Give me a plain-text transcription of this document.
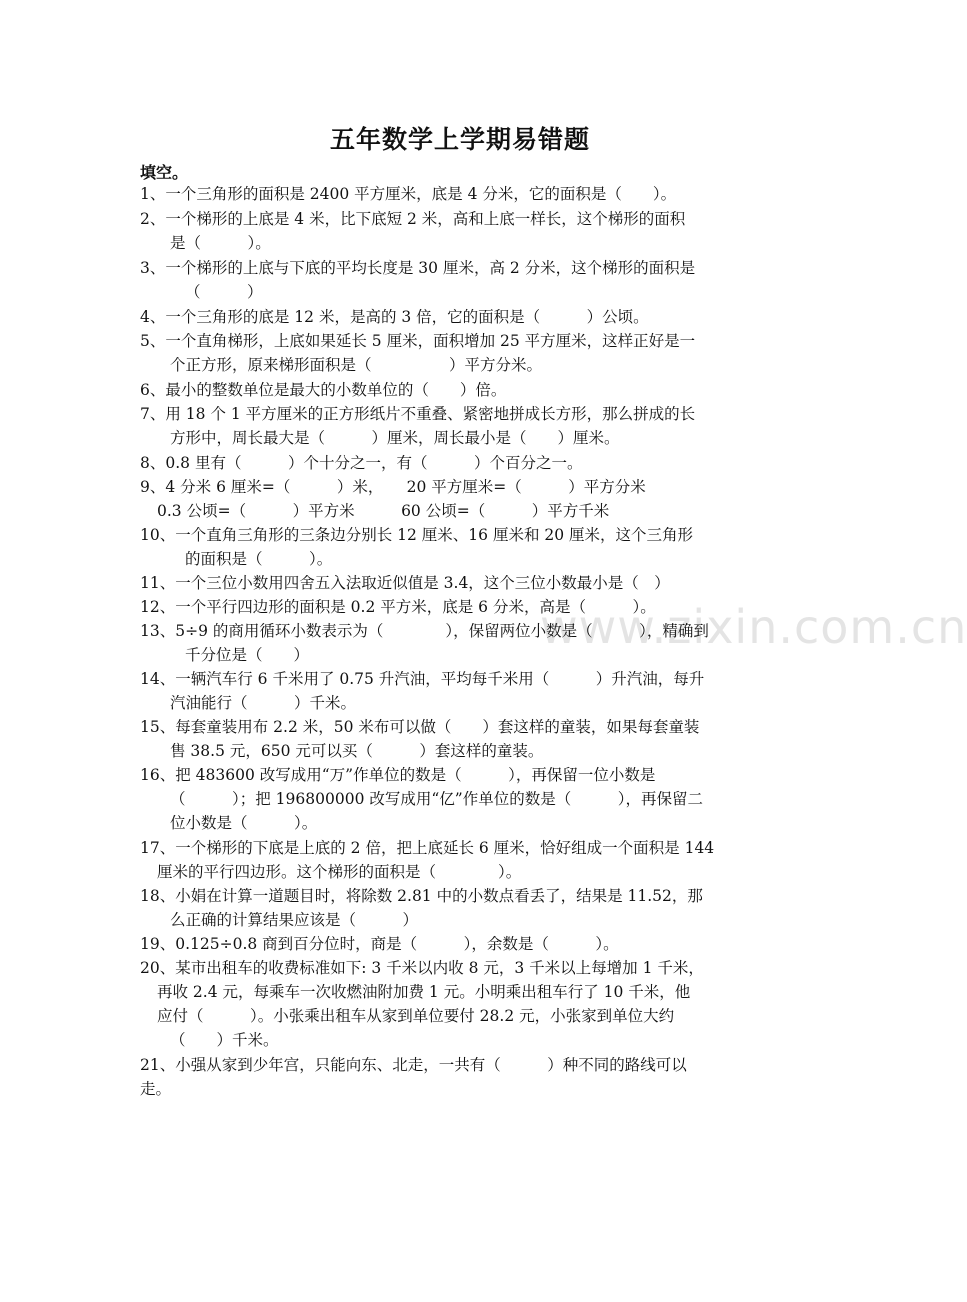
www.zixin.com.cn
五年数学上学期易错题
填空。
1、一个三角形的面积是 2400 平方厘米，底是 4 分米，它的面积是（　　）。
2、一个梯形的上底是 4 米，比下底短 2 米，高和上底一样长，这个梯形的面积
是（　　　）。
3、一个梯形的上底与下底的平均长度是 30 厘米，高 2 分米，这个梯形的面积是
（　　　）
4、一个三角形的底是 12 米，是高的 3 倍，它的面积是（　　　）公顷。
5、一个直角梯形，上底如果延长 5 厘米，面积增加 25 平方厘米，这样正好是一
个正方形，原来梯形面积是（　　　　　）平方分米。
6、最小的整数单位是最大的小数单位的（　　）倍。
7、用 18 个 1 平方厘米的正方形纸片不重叠、紧密地拼成长方形，那么拼成的长
方形中，周长最大是（　　　）厘米，周长最小是（　　）厘米。
8、0.8 里有（　　　）个十分之一，有（　　　）个百分之一。
9、4 分米 6 厘米=（　　　）米，　　20 平方厘米=（　　　）平方分米
0.3 公顷=（　　　）平方米　　　60 公顷=（　　　）平方千米
10、一个直角三角形的三条边分别长 12 厘米、16 厘米和 20 厘米，这个三角形
的面积是（　　　）。
11、一个三位小数用四舍五入法取近似值是 3.4，这个三位小数最小是（　）
12、一个平行四边形的面积是 0.2 平方米，底是 6 分米，高是（　　　）。
13、5÷9 的商用循环小数表示为（　　　　），保留两位小数是（　　　），精确到
千分位是（　　）
14、一辆汽车行 6 千米用了 0.75 升汽油，平均每千米用（　　　）升汽油，每升
汽油能行（　　　）千米。
15、每套童装用布 2.2 米，50 米布可以做（　　）套这样的童装，如果每套童装
售 38.5 元，650 元可以买（　　　）套这样的童装。
16、把 483600 改写成用“万”作单位的数是（　　　），再保留一位小数是
（　　　）；把 196800000 改写成用“亿”作单位的数是（　　　），再保留二
位小数是（　　　）。
17、一个梯形的下底是上底的 2 倍，把上底延长 6 厘米，恰好组成一个面积是 144
厘米的平行四边形。这个梯形的面积是（　　　　）。
18、小娟在计算一道题目时，将除数 2.81 中的小数点看丢了，结果是 11.52，那
么正确的计算结果应该是（　　　）
19、0.125÷0.8 商到百分位时，商是（　　　），余数是（　　　）。
20、某市出租车的收费标准如下: 3 千米以内收 8 元，3 千米以上每增加 1 千米，
再收 2.4 元，每乘车一次收燃油附加费 1 元。小明乘出租车行了 10 千米，他
应付（　　　）。小张乘出租车从家到单位要付 28.2 元，小张家到单位大约
（　　）千米。
21、小强从家到少年宫，只能向东、北走，一共有（　　　）种不同的路线可以
走。
